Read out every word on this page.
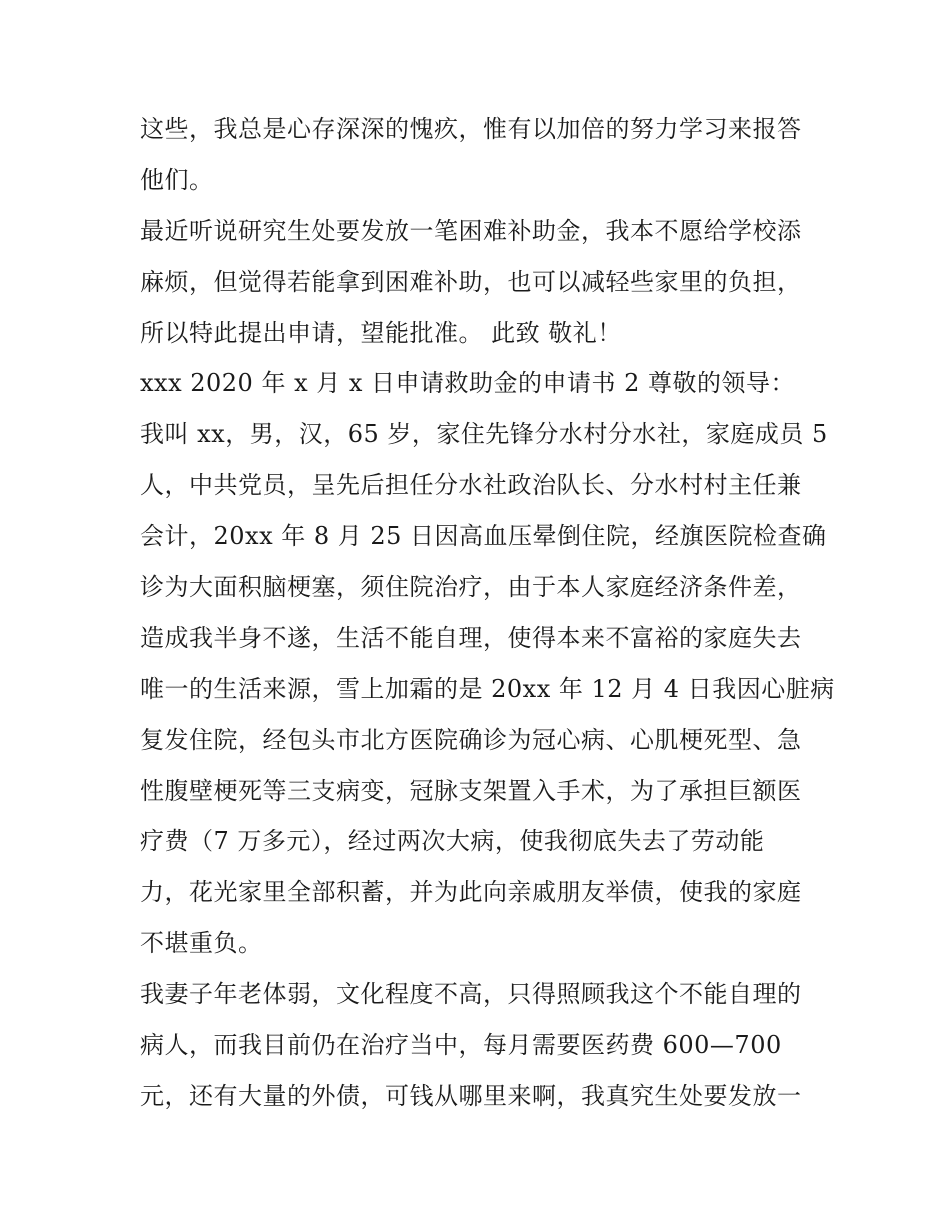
这些，我总是心存深深的愧疚，惟有以加倍的努力学习来报答
他们。
最近听说研究生处要发放一笔困难补助金，我本不愿给学校添
麻烦，但觉得若能拿到困难补助，也可以减轻些家里的负担，
所以特此提出申请，望能批准。 此致 敬礼！
xxx 2020 年 x 月 x 日申请救助金的申请书 2 尊敬的领导：
我叫 xx，男，汉，65 岁，家住先锋分水村分水社，家庭成员 5
人，中共党员，呈先后担任分水社政治队长、分水村村主任兼
会计，20xx 年 8 月 25 日因高血压晕倒住院，经旗医院检查确
诊为大面积脑梗塞，须住院治疗，由于本人家庭经济条件差，
造成我半身不遂，生活不能自理，使得本来不富裕的家庭失去
唯一的生活来源，雪上加霜的是 20xx 年 12 月 4 日我因心脏病
复发住院，经包头市北方医院确诊为冠心病、心肌梗死型、急
性腹壁梗死等三支病变，冠脉支架置入手术，为了承担巨额医
疗费（7 万多元），经过两次大病，使我彻底失去了劳动能
力，花光家里全部积蓄，并为此向亲戚朋友举债，使我的家庭
不堪重负。
我妻子年老体弱，文化程度不高，只得照顾我这个不能自理的
病人，而我目前仍在治疗当中，每月需要医药费 600—700
元，还有大量的外债，可钱从哪里来啊，我真究生处要发放一
